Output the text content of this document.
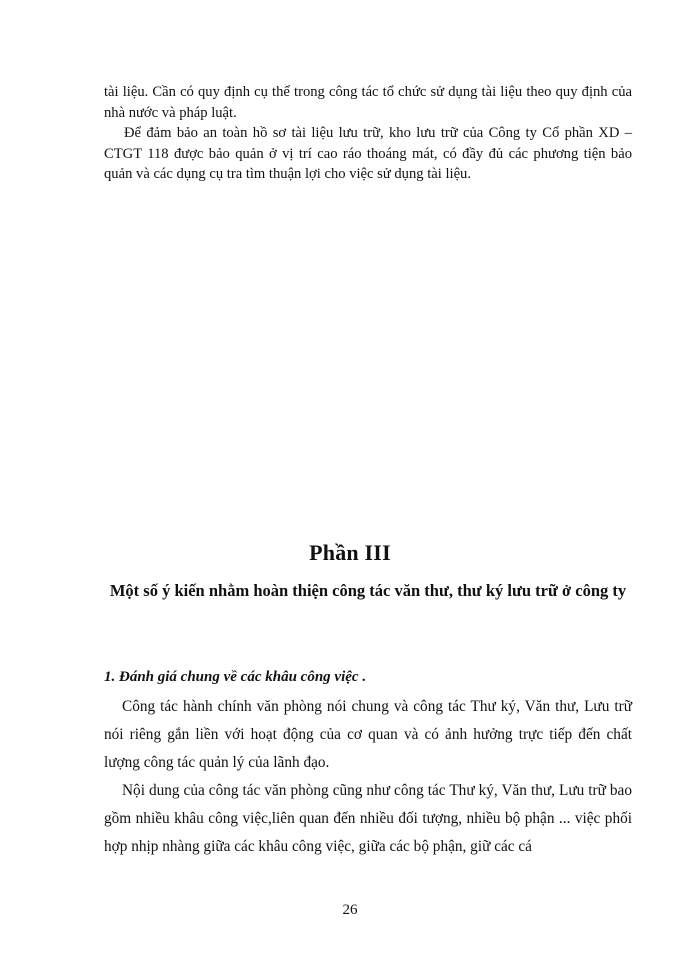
tài liệu. Cần có quy định cụ thể trong công tác tổ chức sử dụng tài liệu theo quy định của nhà nước và pháp luật.

Để đảm bảo an toàn hồ sơ tài liệu lưu trữ, kho lưu trữ của Công ty Cổ phần XD – CTGT 118 được bảo quản ở vị trí cao ráo thoáng mát, có đầy đủ các phương tiện bảo quản và các dụng cụ tra tìm thuận lợi cho việc sử dụng tài liệu.

Phần III

Một số ý kiến nhằm hoàn thiện công tác văn thư, thư ký lưu trữ ở công ty

1. Đánh giá chung về các khâu công việc .

Công tác hành chính văn phòng nói chung và công tác Thư ký, Văn thư, Lưu trữ nói riêng gắn liền với hoạt động của cơ quan và có ảnh hưởng trực tiếp đến chất lượng công tác quản lý của lãnh đạo.

Nội dung của công tác văn phòng cũng như công tác Thư ký, Văn thư, Lưu trữ bao gồm nhiều khâu công việc,liên quan đến nhiều đối tượng, nhiều bộ phận ... việc phối hợp nhịp nhàng giữa các khâu công việc, giữa các bộ phận, giữ các cá

26
